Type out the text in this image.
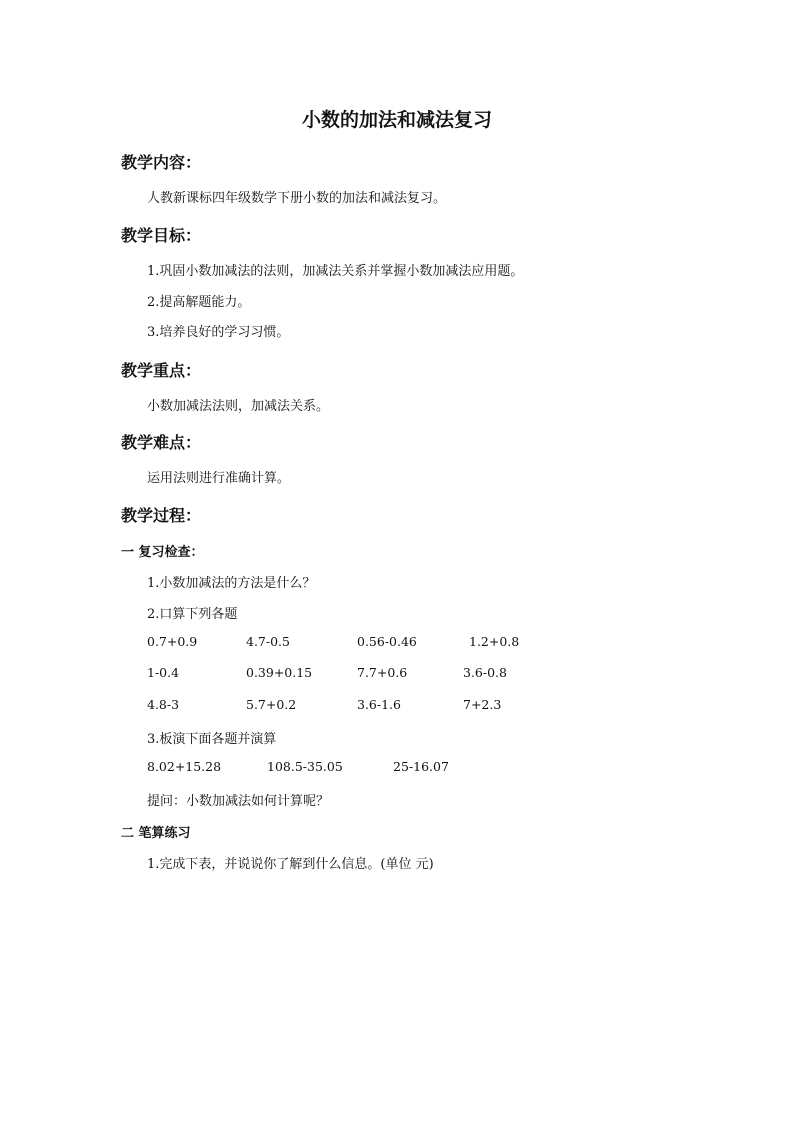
小数的加法和减法复习
教学内容：

人教新课标四年级数学下册小数的加法和减法复习。

教学目标：

1.巩固小数加减法的法则，加减法关系并掌握小数加减法应用题。

2.提高解题能力。

3.培养良好的学习习惯。

教学重点：

小数加减法法则，加减法关系。

教学难点：

运用法则进行准确计算。

教学过程：
一 复习检查：

1.小数加减法的方法是什么？

2.口算下列各题

0.7+0.9	4.7-0.5	0.56-0.46	1.2+0.8
1-0.4	0.39+0.15	7.7+0.6	3.6-0.8
4.8-3	5.7+0.2	3.6-1.6	7+2.3

3.板演下面各题并演算

8.02+15.28	108.5-35.05	25-16.07

提问：小数加减法如何计算呢？

二 笔算练习

1.完成下表，并说说你了解到什么信息。(单位 元)
